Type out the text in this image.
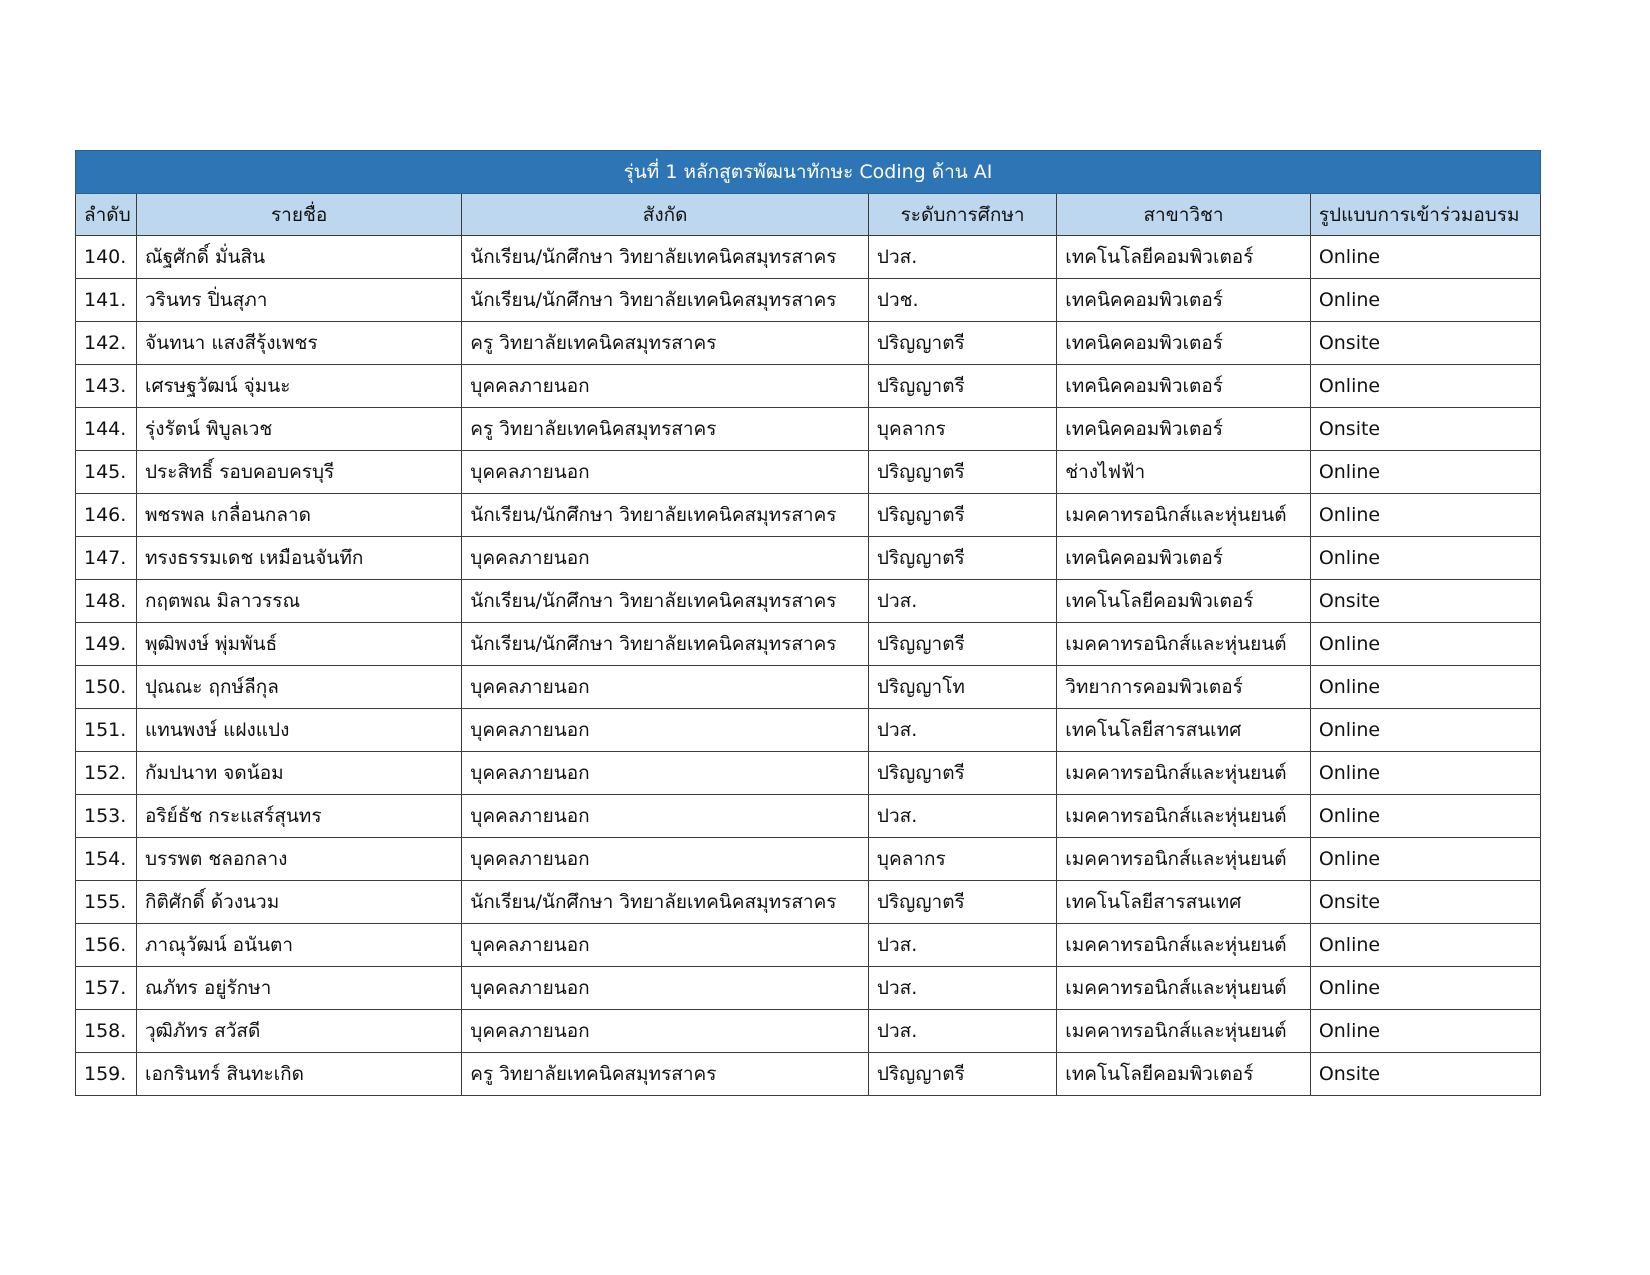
รุ่นที่ 1 หลักสูตรพัฒนาทักษะ Coding ด้าน AI					
ลำดับ	รายชื่อ	สังกัด	ระดับการศึกษา	สาขาวิชา	รูปแบบการเข้าร่วมอบรม
140.	ณัฐศักดิ์ มั่นสิน	นักเรียน/นักศึกษา วิทยาลัยเทคนิคสมุทรสาคร	ปวส.	เทคโนโลยีคอมพิวเตอร์	Online
141.	วรินทร ปิ่นสุภา	นักเรียน/นักศึกษา วิทยาลัยเทคนิคสมุทรสาคร	ปวช.	เทคนิคคอมพิวเตอร์	Online
142.	จันทนา แสงสีรุ้งเพชร	ครู วิทยาลัยเทคนิคสมุทรสาคร	ปริญญาตรี	เทคนิคคอมพิวเตอร์	Onsite
143.	เศรษฐวัฒน์ จุ่มนะ	บุคคลภายนอก	ปริญญาตรี	เทคนิคคอมพิวเตอร์	Online
144.	รุ่งรัตน์ พิบูลเวช	ครู วิทยาลัยเทคนิคสมุทรสาคร	บุคลากร	เทคนิคคอมพิวเตอร์	Onsite
145.	ประสิทธิ์ รอบคอบครบุรี	บุคคลภายนอก	ปริญญาตรี	ช่างไฟฟ้า	Online
146.	พชรพล เกลื่อนกลาด	นักเรียน/นักศึกษา วิทยาลัยเทคนิคสมุทรสาคร	ปริญญาตรี	เมคคาทรอนิกส์และหุ่นยนต์	Online
147.	ทรงธรรมเดช เหมือนจันทึก	บุคคลภายนอก	ปริญญาตรี	เทคนิคคอมพิวเตอร์	Online
148.	กฤตพณ มิลาวรรณ	นักเรียน/นักศึกษา วิทยาลัยเทคนิคสมุทรสาคร	ปวส.	เทคโนโลยีคอมพิวเตอร์	Onsite
149.	พุฒิพงษ์ พุ่มพันธ์	นักเรียน/นักศึกษา วิทยาลัยเทคนิคสมุทรสาคร	ปริญญาตรี	เมคคาทรอนิกส์และหุ่นยนต์	Online
150.	ปุณณะ ฤกษ์ลีกุล	บุคคลภายนอก	ปริญญาโท	วิทยาการคอมพิวเตอร์	Online
151.	แทนพงษ์ แฝงแปง	บุคคลภายนอก	ปวส.	เทคโนโลยีสารสนเทศ	Online
152.	กัมปนาท จดน้อม	บุคคลภายนอก	ปริญญาตรี	เมคคาทรอนิกส์และหุ่นยนต์	Online
153.	อริย์ธัช กระแสร์สุนทร	บุคคลภายนอก	ปวส.	เมคคาทรอนิกส์และหุ่นยนต์	Online
154.	บรรพต ชลอกลาง	บุคคลภายนอก	บุคลากร	เมคคาทรอนิกส์และหุ่นยนต์	Online
155.	กิติศักดิ์ ด้วงนวม	นักเรียน/นักศึกษา วิทยาลัยเทคนิคสมุทรสาคร	ปริญญาตรี	เทคโนโลยีสารสนเทศ	Onsite
156.	ภาณุวัฒน์ อนันตา	บุคคลภายนอก	ปวส.	เมคคาทรอนิกส์และหุ่นยนต์	Online
157.	ณภัทร อยู่รักษา	บุคคลภายนอก	ปวส.	เมคคาทรอนิกส์และหุ่นยนต์	Online
158.	วุฒิภัทร สวัสดี	บุคคลภายนอก	ปวส.	เมคคาทรอนิกส์และหุ่นยนต์	Online
159.	เอกรินทร์ สินทะเกิด	ครู วิทยาลัยเทคนิคสมุทรสาคร	ปริญญาตรี	เทคโนโลยีคอมพิวเตอร์	Onsite
